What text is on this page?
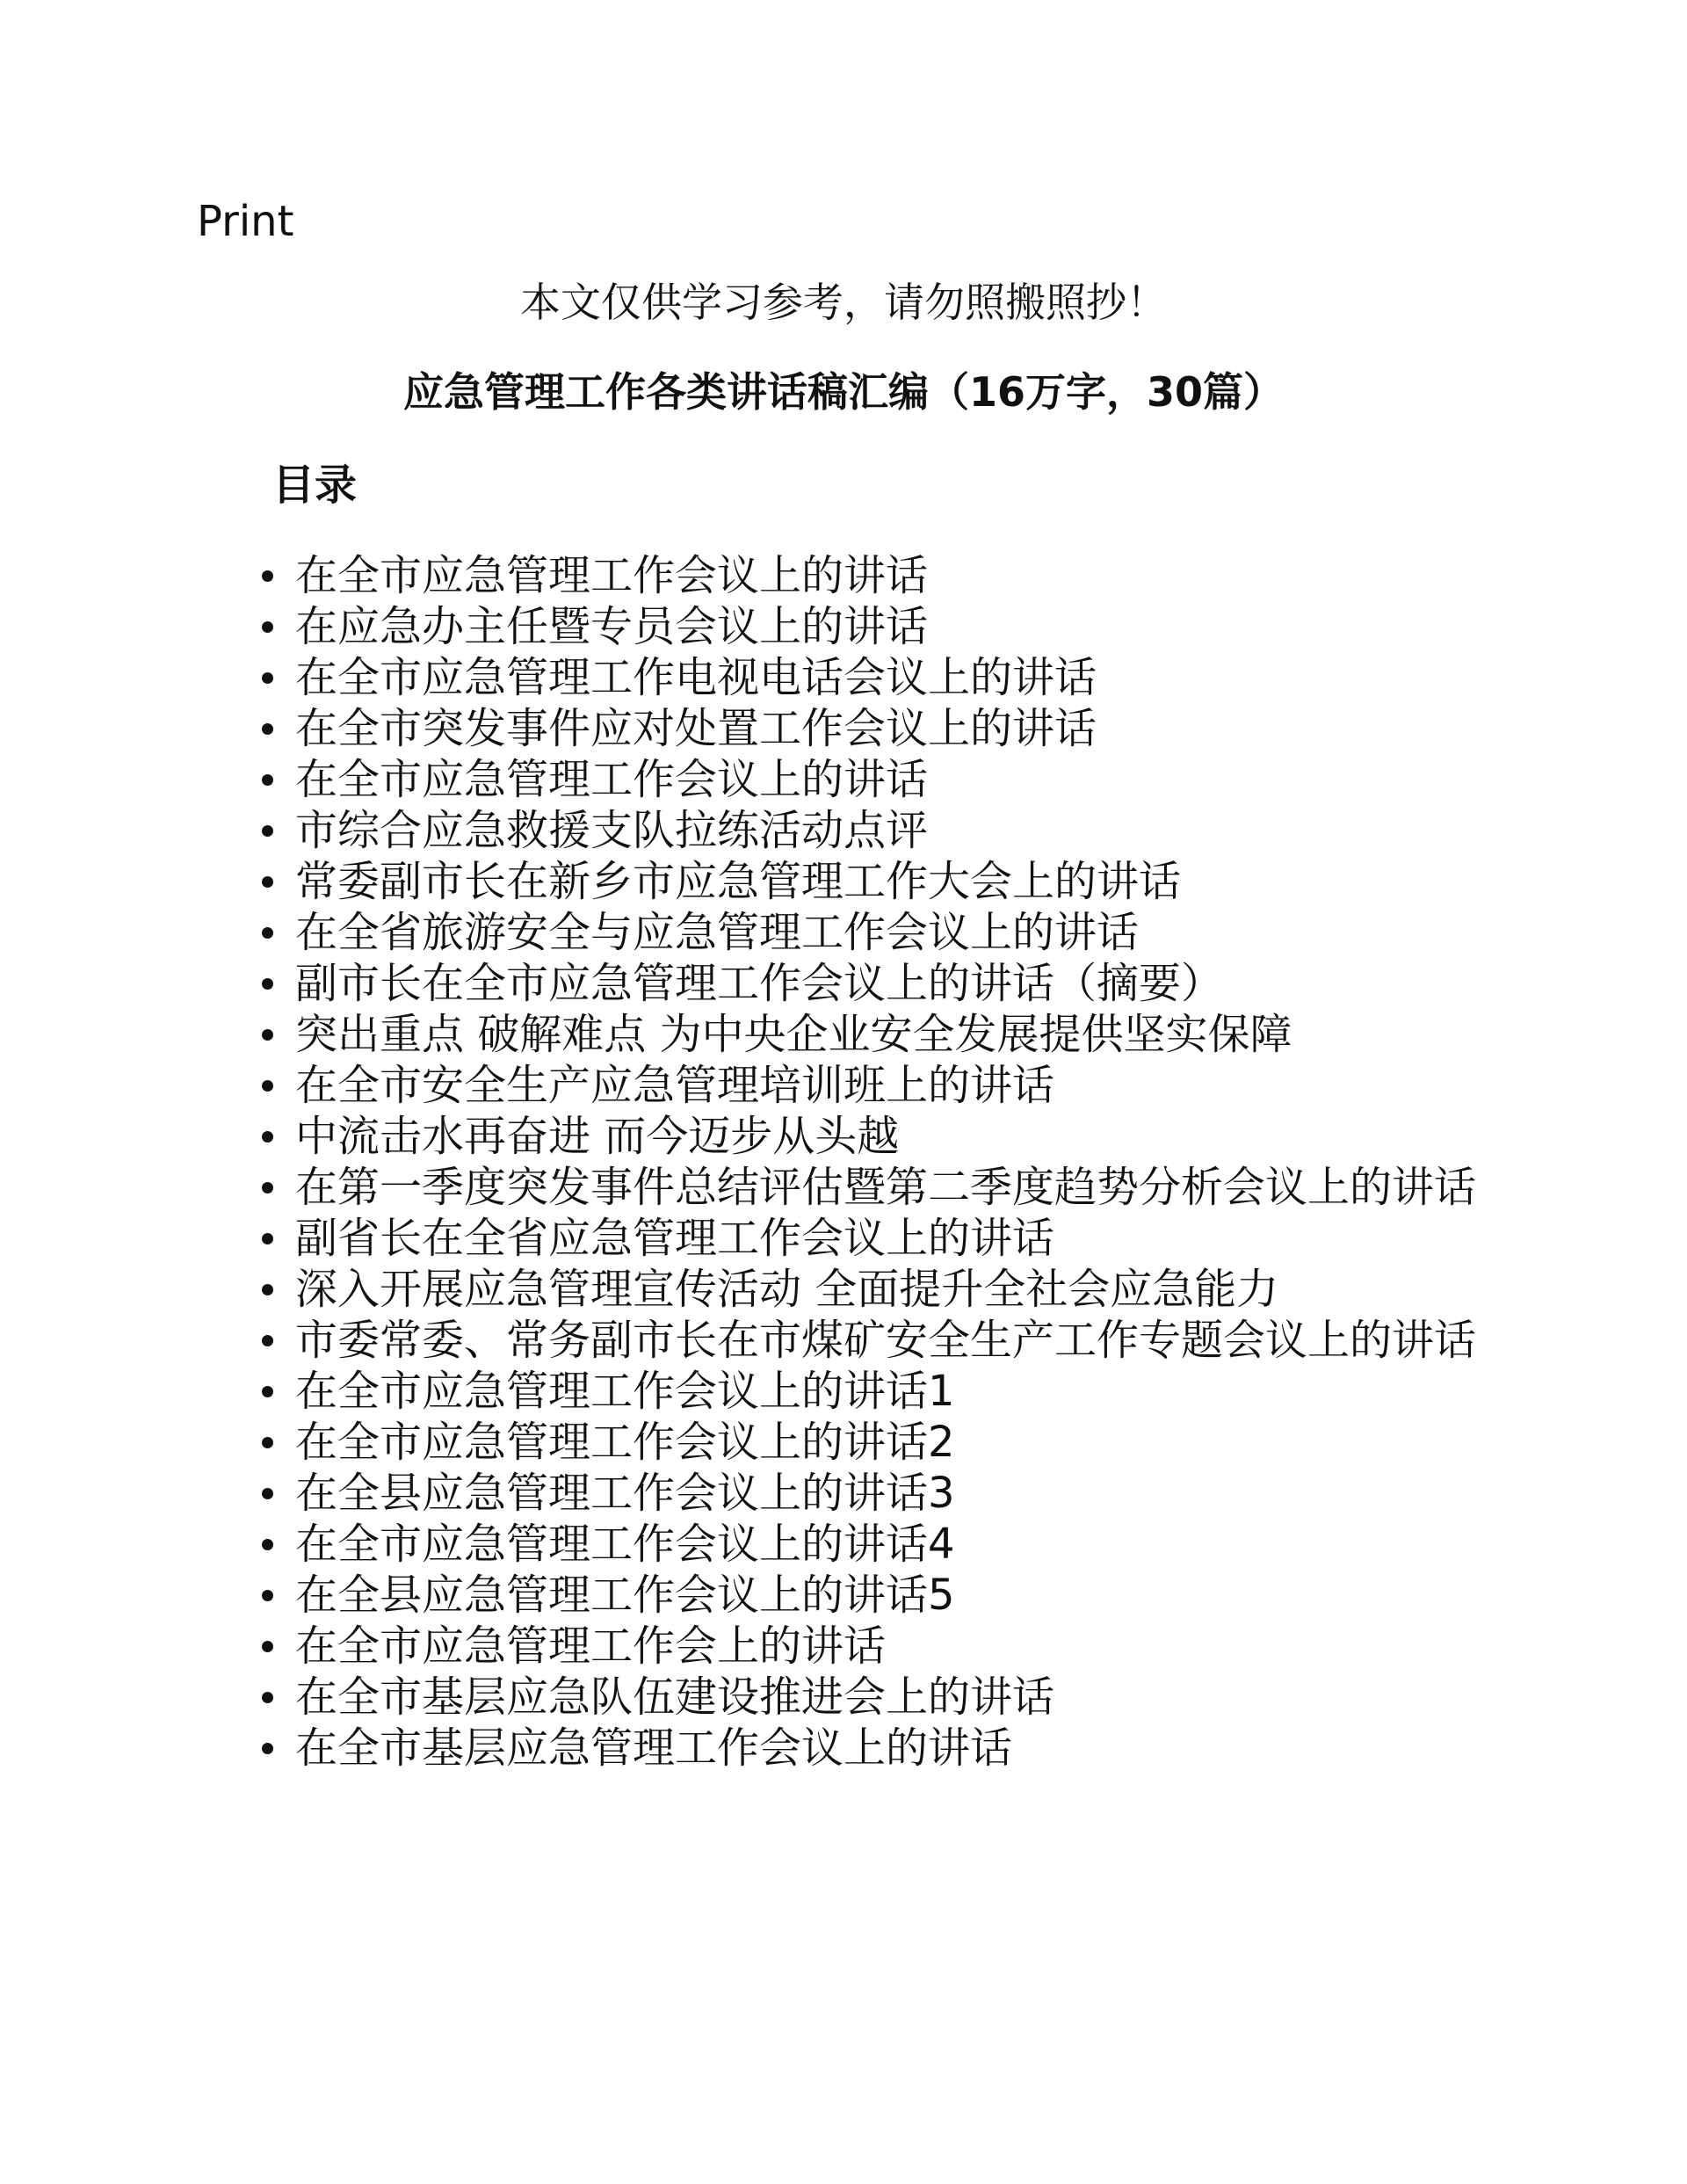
Print
本文仅供学习参考，请勿照搬照抄！
应急管理工作各类讲话稿汇编（16万字，30篇）
目录
在全市应急管理工作会议上的讲话
在应急办主任暨专员会议上的讲话
在全市应急管理工作电视电话会议上的讲话
在全市突发事件应对处置工作会议上的讲话
在全市应急管理工作会议上的讲话
市综合应急救援支队拉练活动点评
常委副市长在新乡市应急管理工作大会上的讲话
在全省旅游安全与应急管理工作会议上的讲话
副市长在全市应急管理工作会议上的讲话（摘要）
突出重点 破解难点 为中央企业安全发展提供坚实保障
在全市安全生产应急管理培训班上的讲话
中流击水再奋进 而今迈步从头越
在第一季度突发事件总结评估暨第二季度趋势分析会议上的讲话
副省长在全省应急管理工作会议上的讲话
深入开展应急管理宣传活动 全面提升全社会应急能力
市委常委、常务副市长在市煤矿安全生产工作专题会议上的讲话
在全市应急管理工作会议上的讲话1
在全市应急管理工作会议上的讲话2
在全县应急管理工作会议上的讲话3
在全市应急管理工作会议上的讲话4
在全县应急管理工作会议上的讲话5
在全市应急管理工作会上的讲话
在全市基层应急队伍建设推进会上的讲话
在全市基层应急管理工作会议上的讲话
